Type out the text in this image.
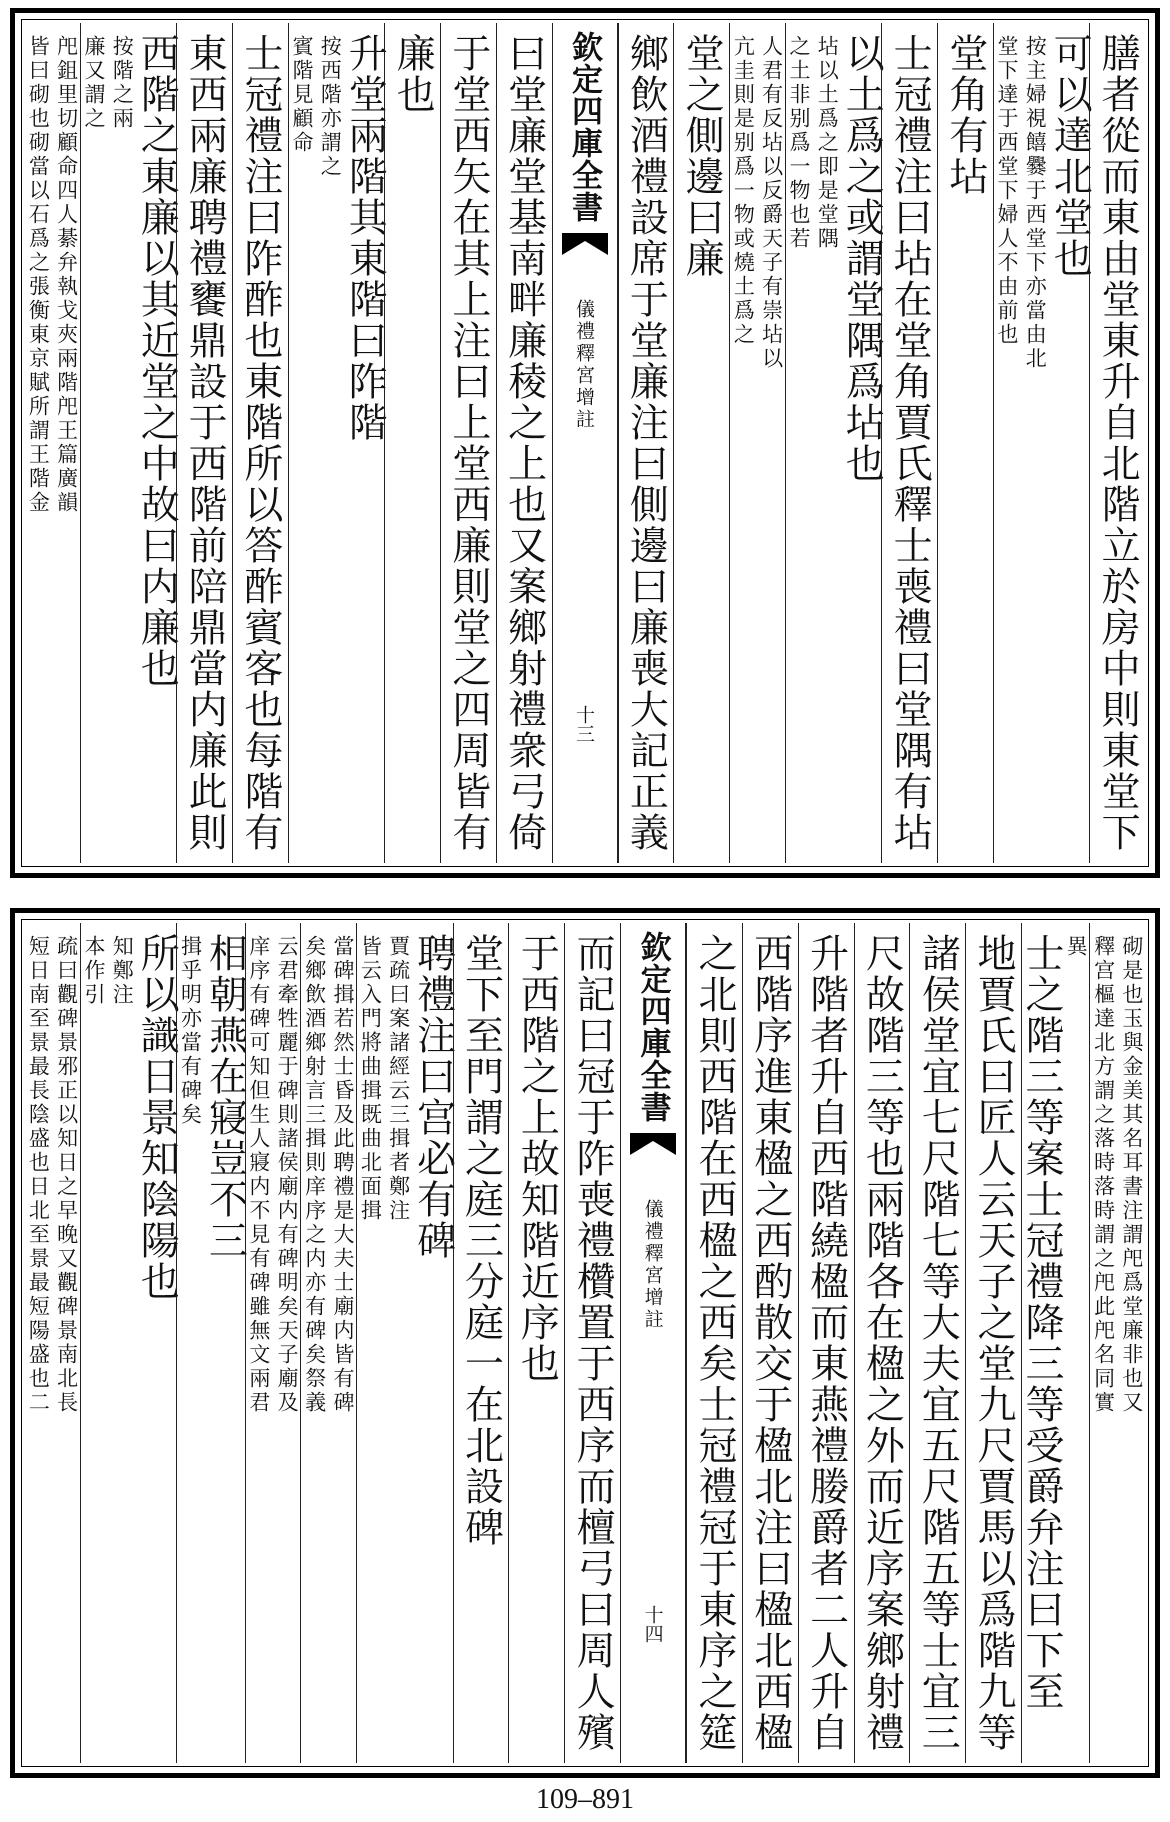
膳者從而東由堂東升自北階立於房中則東堂下
可以達北堂也
按主婦視饎爨于西堂下亦當由北
堂下達于西堂下婦人不由前也
堂角有坫
士冠禮注曰坫在堂角賈氏釋士喪禮曰堂隅有坫
以土爲之或謂堂隅爲坫也
坫以土爲之即是堂隅
之土非别爲一物也若
人君有反坫以反爵天子有崇坫以
亢圭則是别爲一物或燒土爲之
堂之側邊曰廉
鄉飲酒禮設席于堂廉注曰側邊曰廉喪大記正義
欽定四庫全書
儀禮釋宮增註
十三
曰堂廉堂基南畔廉稜之上也又案鄉射禮衆弓倚
于堂西矢在其上注曰上堂西廉則堂之四周皆有
廉也
升堂兩階其東階曰阼階
按西階亦謂之
賓階見顧命
士冠禮注曰阼酢也東階所以答酢賓客也每階有
東西兩廉聘禮饔鼎設于西階前陪鼎當内廉此則
西階之東廉以其近堂之中故曰内廉也
按階之兩
廉又謂之
戺鉏里切顧命四人綦弁執戈夾兩階戺王篇廣韻
皆曰砌也砌當以石爲之張衡東京賦所謂王階金
砌是也玉與金美其名耳書注謂戺爲堂廉非也又
釋宫樞達北方謂之落時落時謂之戺此戺名同實
異
士之階三等案士冠禮降三等受爵弁注曰下至
地賈氏曰匠人云天子之堂九尺賈馬以爲階九等
諸侯堂宜七尺階七等大夫宜五尺階五等士宜三
尺故階三等也兩階各在楹之外而近序案鄉射禮
升階者升自西階繞楹而東燕禮媵爵者二人升自
西階序進東楹之西酌散交于楹北注曰楹北西楹
之北則西階在西楹之西矣士冠禮冠于東序之筵
欽定四庫全書
儀禮釋宮增註
十四
而記曰冠于阼喪禮欑置于西序而檀弓曰周人殯
于西階之上故知階近序也
堂下至門謂之庭三分庭一在北設碑
聘禮注曰宫必有碑
賈疏曰案諸經云三揖者鄭注
皆云入門將曲揖既曲北面揖
當碑揖若然士昏及此聘禮是大夫士廟内皆有碑
矣鄉飲酒鄉射言三揖則庠序之内亦有碑矣祭義
云君牽牲麗于碑則諸侯廟内有碑明矣天子廟及
庠序有碑可知但生人寢内不見有碑雖無文兩君
相朝燕在寢豈不三
揖乎明亦當有碑矣
所以識日景知陰陽也
知鄭注
本作引
疏曰觀碑景邪正以知日之早晚又觀碑景南北長
短日南至景最長陰盛也日北至景最短陽盛也二
109–891
